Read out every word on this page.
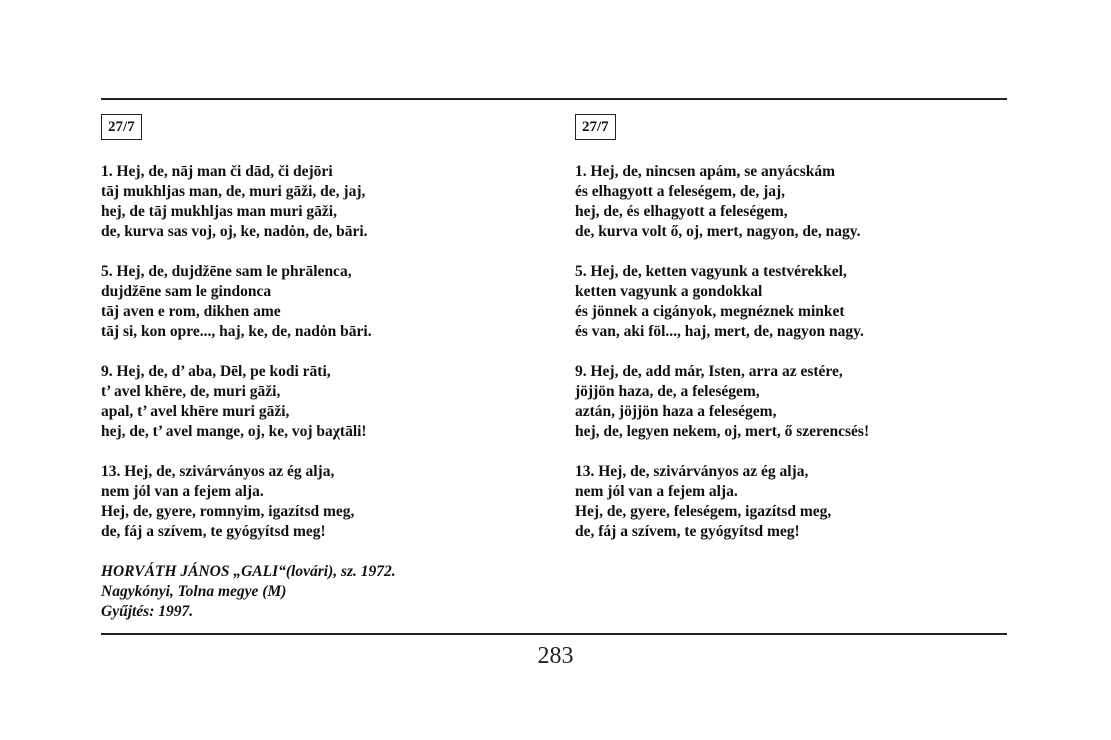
27/7
1. Hej, de, nāj man či dād, či dejōri
tāj mukhljas man, de, muri gāži, de, jaj,
hej, de tāj mukhljas man muri gāži,
de, kurva sas voj, oj, ke, nadȯn, de, bāri.
5. Hej, de, dujdžēne sam le phrālenca,
dujdžēne sam le gindonca
tāj aven e rom, dikhen ame
tāj si, kon opre..., haj, ke, de, nadȯn bāri.
9. Hej, de, d’ aba, Dēl, pe kodi rāti,
t’ avel khēre, de, muri gāži,
apal, t’ avel khēre muri gāži,
hej, de, t’ avel mange, oj, ke, voj baχtāli!
13. Hej, de, szivárványos az ég alja,
nem jól van a fejem alja.
Hej, de, gyere, romnyim, igazítsd meg,
de, fáj a szívem, te gyógyítsd meg!
HORVÁTH JÁNOS „GALI“(lovári), sz. 1972.
Nagykónyi, Tolna megye (M)
Gyűjtés: 1997.
27/7
1. Hej, de, nincsen apám, se anyácskám
és elhagyott a feleségem, de, jaj,
hej, de, és elhagyott a feleségem,
de, kurva volt ő, oj, mert, nagyon, de, nagy.
5. Hej, de, ketten vagyunk a testvérekkel,
ketten vagyunk a gondokkal
és jönnek a cigányok, megnéznek minket
és van, aki föl..., haj, mert, de, nagyon nagy.
9. Hej, de, add már, Isten, arra az estére,
jöjjön haza, de, a feleségem,
aztán, jöjjön haza a feleségem,
hej, de, legyen nekem, oj, mert, ő szerencsés!
13. Hej, de, szivárványos az ég alja,
nem jól van a fejem alja.
Hej, de, gyere, feleségem, igazítsd meg,
de, fáj a szívem, te gyógyítsd meg!
283
